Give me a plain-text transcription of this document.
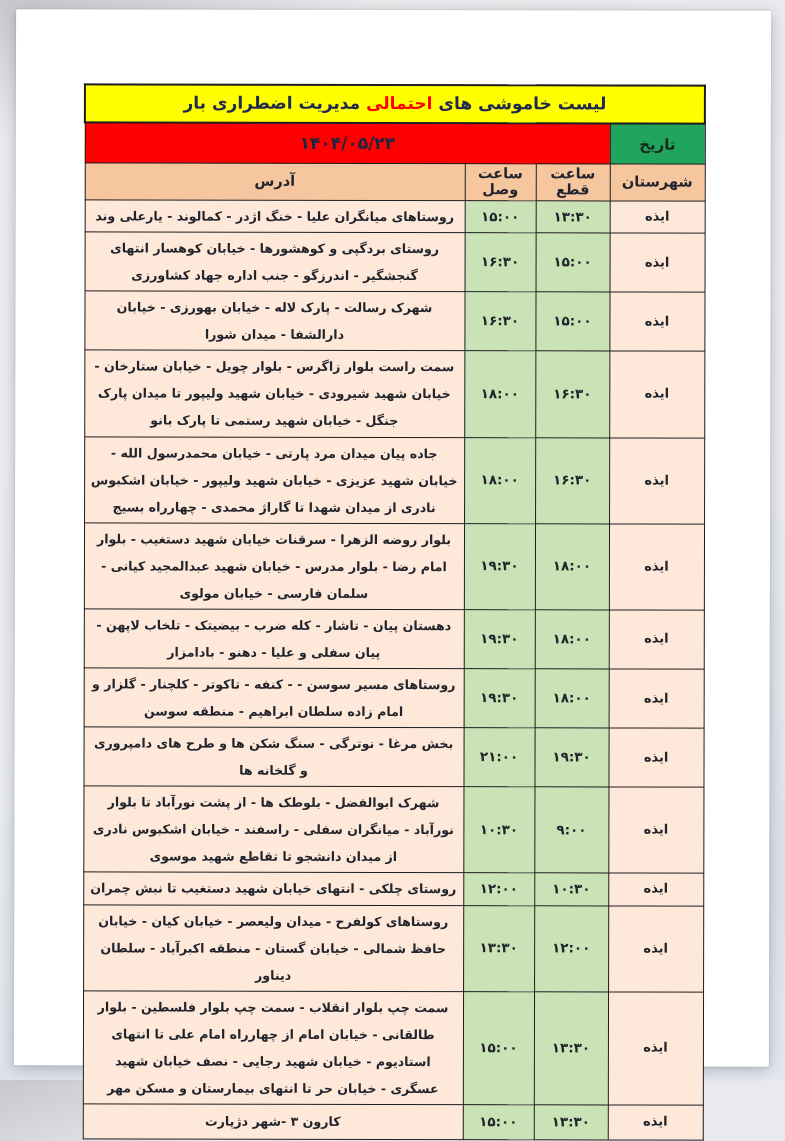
لیست خاموشی های احتمالی مدیریت اضطراری بار			
تاریخ	۱۴۰۴/۰۵/۲۳		
شهرستان	ساعت قطع	ساعت وصل	آدرس
ایذه	۱۳:۳۰	۱۵:۰۰	روستاهای میانگران علیا - خنگ اژدر - کمالوند - یارعلی وند
ایذه	۱۵:۰۰	۱۶:۳۰	روستای بردگپی و کوهشورها - خیابان کوهسار انتهای گنجشگیر - اندرزگو - جنب اداره جهاد کشاورزی
ایذه	۱۵:۰۰	۱۶:۳۰	شهرک رسالت - پارک لاله - خیابان بهورزی - خیابان دارالشفا - میدان شورا
ایذه	۱۶:۳۰	۱۸:۰۰	سمت راست بلوار زاگرس - بلوار چویل - خیابان ستارخان - خیابان شهید شیرودی - خیابان شهید ولیپور تا میدان پارک جنگل - خیابان شهید رستمی تا پارک بانو
ایذه	۱۶:۳۰	۱۸:۰۰	جاده پیان میدان مرد پارتی - خیابان محمدرسول الله - خیابان شهید عزیزی - خیابان شهید ولیپور - خیابان اشکبوس نادری از میدان شهدا تا گاراژ محمدی - چهارراه بسیج
ایذه	۱۸:۰۰	۱۹:۳۰	بلوار روضه الزهرا - سرقنات خیابان شهید دستغیب - بلوار امام رضا - بلوار مدرس - خیابان شهید عبدالمجید کیانی - سلمان فارسی - خیابان مولوی
ایذه	۱۸:۰۰	۱۹:۳۰	دهستان پیان - تاشار - کله ضرب - بیضیتک - تلخاب لاپهن - پیان سفلی و علیا - دهنو - بادامزار
ایذه	۱۸:۰۰	۱۹:۳۰	روستاهای مسیر سوسن - - کنفه - تاکوتر - کلچنار - گلزار و امام زاده سلطان ابراهیم - منطقه سوسن
ایذه	۱۹:۳۰	۲۱:۰۰	بخش مرغا - نوترگی - سنگ شکن ها و طرح های دامپروری و گلخانه ها
ایذه	۹:۰۰	۱۰:۳۰	شهرک ابوالفضل - بلوطک ها - از پشت نورآباد تا بلوار نورآباد - میانگران سفلی - راسفند - خیابان اشکبوس نادری از میدان دانشجو تا تقاطع شهید موسوی
ایذه	۱۰:۳۰	۱۲:۰۰	روستای چلکی - انتهای خیابان شهید دستغیب تا نبش چمران
ایذه	۱۲:۰۰	۱۳:۳۰	روستاهای کولفرح - میدان ولیعصر - خیابان کیان - خیابان حافظ شمالی - خیابان گستان - منطقه اکبرآباد - سلطان دیناور
ایذه	۱۳:۳۰	۱۵:۰۰	سمت چپ بلوار انقلاب - سمت چپ بلوار فلسطین - بلوار طالقانی - خیابان امام از چهارراه امام علی تا انتهای استادیوم - خیابان شهید رجایی - نصف خیابان شهید عسگری - خیابان حر تا انتهای بیمارستان و مسکن مهر
ایذه	۱۳:۳۰	۱۵:۰۰	کارون ۳ -شهر دژپارت
